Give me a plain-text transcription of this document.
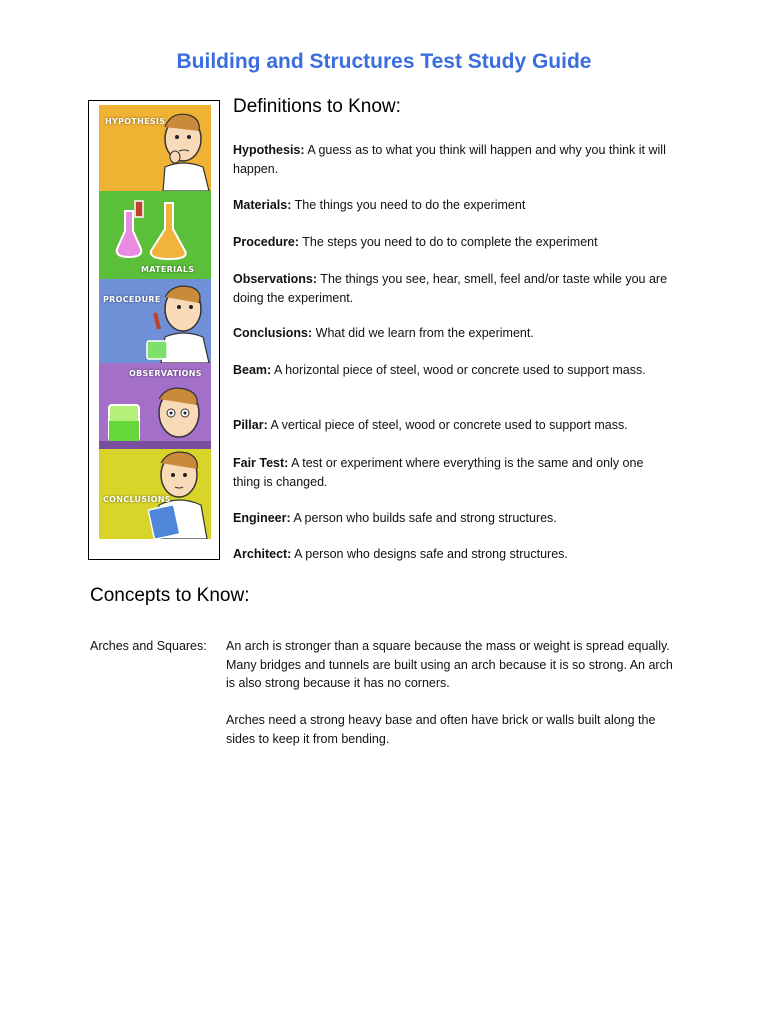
Building and Structures Test Study Guide
HYPOTHESIS
MATERIALS
PROCEDURE
OBSERVATIONS
CONCLUSIONS
Definitions to Know:
Hypothesis: A guess as to what you think will happen and why you think it will happen.
Materials: The things you need to do the experiment
Procedure: The steps you need to do to complete the experiment
Observations: The things you see, hear, smell, feel and/or taste while you are doing the experiment.
Conclusions: What did we learn from the experiment.
Beam: A horizontal piece of steel, wood or concrete used to support mass.
Pillar: A vertical piece of steel, wood or concrete used to support mass.
Fair Test: A test or experiment where everything is the same and only one thing is changed.
Engineer: A person who builds safe and strong structures.
Architect: A person who designs safe and strong structures.
Concepts to Know:
Arches and Squares:	An arch is stronger than a square because the mass or weight is spread equally. Many bridges and tunnels are built using an arch because it is so strong. An arch is also strong because it has no corners.
Arches need a strong heavy base and often have brick or walls built along the sides to keep it from bending.
